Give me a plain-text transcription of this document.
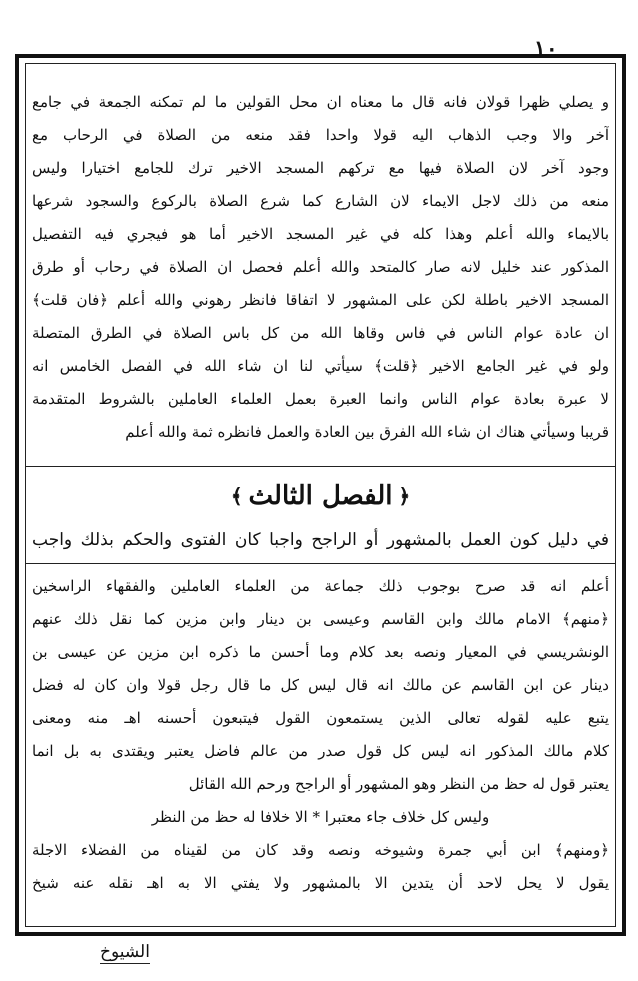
١٠
و يصلي ظهرا قولان فانه قال ما معناه ان محل القولين ما لم تمكنه الجمعة في جامع
آخر والا وجب الذهاب اليه قولا واحدا فقد منعه من الصلاة في الرحاب مع
وجود آخر لان الصلاة فيها مع تركهم المسجد الاخير ترك للجامع اختيارا وليس
منعه من ذلك لاجل الايماء لان الشارع كما شرع الصلاة بالركوع والسجود شرعها
بالايماء والله أعلم وهذا كله في غير المسجد الاخير أما هو فيجري فيه التفصيل
المذكور عند خليل لانه صار كالمتحد والله أعلم فحصل ان الصلاة في رحاب أو طرق
المسجد الاخير باطلة لكن على المشهور لا اتفاقا فانظر رهوني والله أعلم ﴿فان قلت﴾
ان عادة عوام الناس في فاس وقاها الله من كل باس الصلاة في الطرق المتصلة
ولو في غير الجامع الاخير ﴿قلت﴾ سيأتي لنا ان شاء الله في الفصل الخامس انه
لا عبرة بعادة عوام الناس وانما العبرة بعمل العلماء العاملين بالشروط المتقدمة
قريبا وسيأتي هناك ان شاء الله الفرق بين العادة والعمل فانظره ثمة والله أعلم
﴿
الفصل الثالث
﴾
في دليل كون العمل بالمشهور أو الراجح واجبا كان الفتوى والحكم بذلك واجب
أعلم انه قد صرح بوجوب ذلك جماعة من العلماء العاملين والفقهاء الراسخين
﴿منهم﴾ الامام مالك وابن القاسم وعيسى بن دينار وابن مزين كما نقل ذلك عنهم
الونشريسي في المعيار ونصه بعد كلام وما أحسن ما ذكره ابن مزين عن عيسى بن
دينار عن ابن القاسم عن مالك انه قال ليس كل ما قال رجل قولا وان كان له فضل
يتبع عليه لقوله تعالى الذين يستمعون القول فيتبعون أحسنه اهـ منه ومعنى
كلام مالك المذكور انه ليس كل قول صدر من عالم فاضل يعتبر ويقتدى به بل انما
يعتبر قول له حظ من النظر وهو المشهور أو الراجح ورحم الله القائل
وليس كل خلاف جاء معتبرا * الا خلافا له حظ من النظر
﴿ومنهم﴾ ابن أبي جمرة وشيوخه ونصه وقد كان من لقيناه من الفضلاء الاجلة
يقول لا يحل لاحد أن يتدين الا بالمشهور ولا يفتي الا به اهـ نقله عنه شيخ
الشيوخ
